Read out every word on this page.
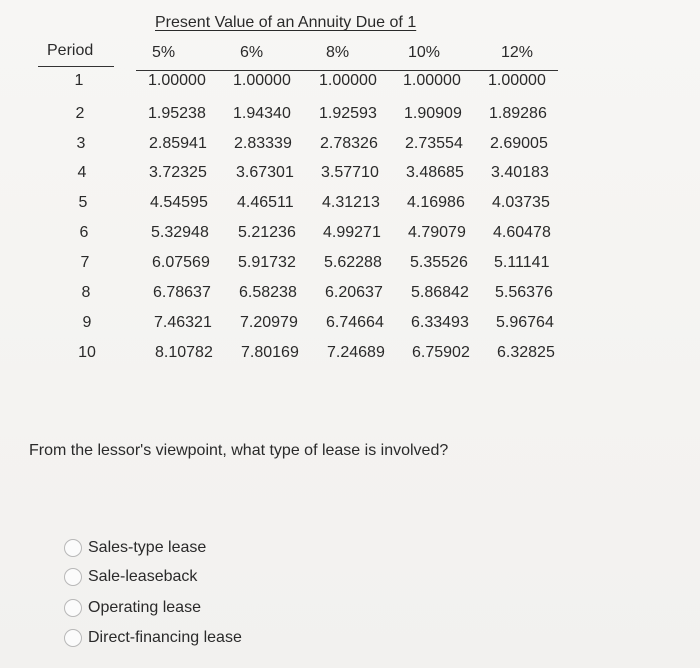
Present Value of an Annuity Due of 1
Period	5%	6%	8%	10%	12%
1	1.00000 1.00000 1.00000 1.00000 1.00000
2	1.95238 1.94340 1.92593 1.90909 1.89286
3	2.85941 2.83339 2.78326 2.73554 2.69005
4	3.72325 3.67301 3.57710 3.48685 3.40183
5	4.54595 4.46511 4.31213 4.16986 4.03735
6	5.32948 5.21236 4.99271 4.79079 4.60478
7	6.07569 5.91732 5.62288 5.35526 5.11141
8	6.78637 6.58238 6.20637 5.86842 5.56376
9	7.46321 7.20979 6.74664 6.33493 5.96764
10	8.10782 7.80169 7.24689 6.75902 6.32825
From the lessor's viewpoint, what type of lease is involved?
Sales-type lease
Sale-leaseback
Operating lease
Direct-financing lease
